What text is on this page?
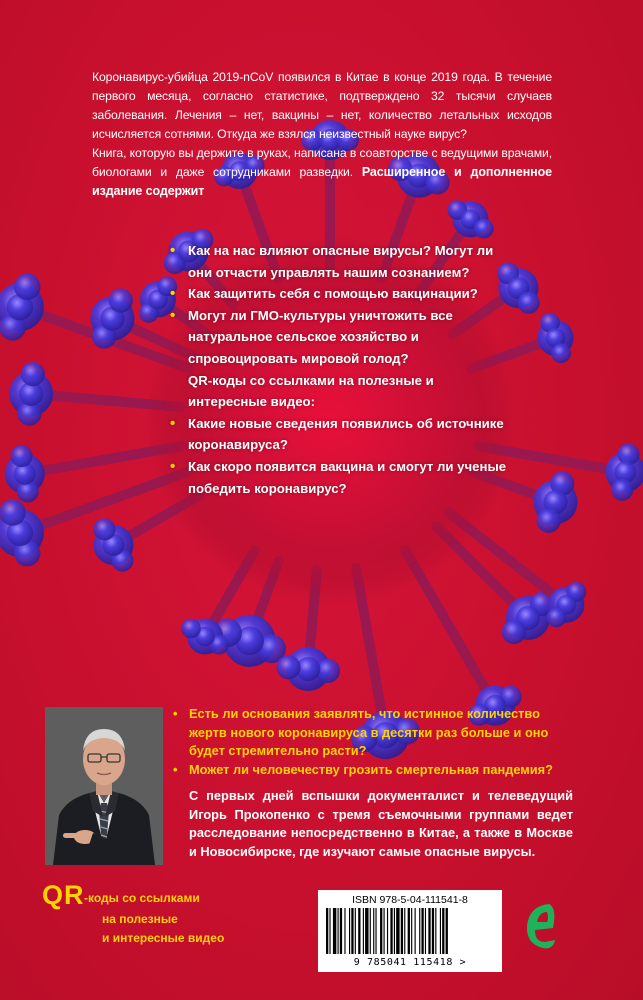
Коронавирус-убийца 2019-nCoV появился в Китае в конце 2019 года. В течение первого месяца, согласно статистике, подтверждено 32 тысячи случаев заболевания. Лечения – нет, вакцины – нет, количество летальных исходов исчисляется сотнями. Откуда же взялся неизвестный науке вирус?

Книга, которую вы держите в руках, написана в соавторстве с ведущими врачами, биологами и даже сотрудниками разведки. Расширенное и дополненное издание содержит

• Как на нас влияют опасные вирусы? Могут ли они отчасти управлять нашим сознанием?
• Как защитить себя с помощью вакцинации?
• Могут ли ГМО-культуры уничтожить все натуральное сельское хозяйство и спровоцировать мировой голод?
QR-коды со ссылками на полезные и интересные видео:
• Какие новые сведения появились об источнике коронавируса?
• Как скоро появится вакцина и смогут ли ученые победить коронавирус?
• Есть ли основания заявлять, что истинное количество жертв нового коронавируса в десятки раз больше и оно будет стремительно расти?
• Может ли человечеству грозить смертельная пандемия?
С первых дней вспышки документалист и телеведущий Игорь Прокопенко с тремя съемочными группами ведет расследование непосредственно в Китае, а также в Москве и Новосибирске, где изучают самые опасные вирусы.
QR -коды со ссылками
на полезные
и интересные видео
ISBN 978-5-04-111541-8
9 785041 115418 >
